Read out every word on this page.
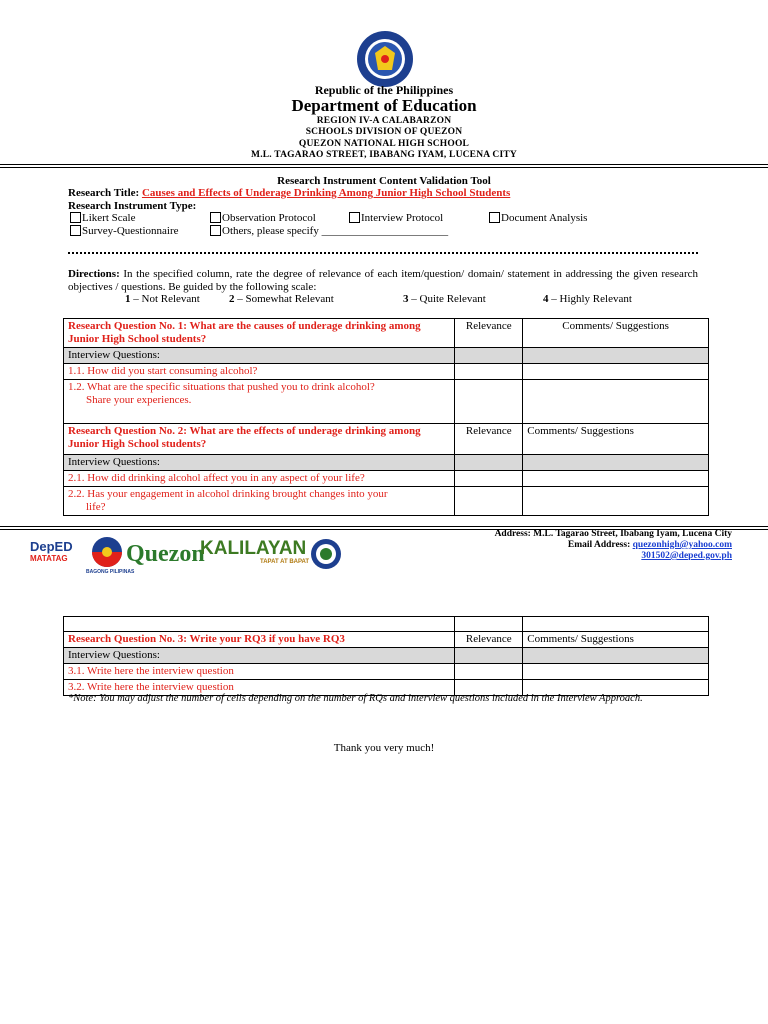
Republic of the Philippines
Department of Education
REGION IV-A CALABARZON
SCHOOLS DIVISION OF QUEZON
QUEZON NATIONAL HIGH SCHOOL
M.L. TAGARAO STREET, IBABANG IYAM, LUCENA CITY
Research Instrument Content Validation Tool
Research Title: Causes and Effects of Underage Drinking Among Junior High School Students
Research Instrument Type:
Likert Scale	Observation Protocol	Interview Protocol	Document Analysis
Survey-Questionnaire	Others, please specify _______________________
Directions: In the specified column, rate the degree of relevance of each item/question/ domain/ statement in addressing the given research objectives / questions. Be guided by the following scale:
1 – Not Relevant	2 – Somewhat Relevant	3 – Quite Relevant	4 – Highly Relevant
Research Question No. 1: What are the causes of underage drinking among Junior High School students?	Relevance	Comments/ Suggestions
Interview Questions:		
1.1. How did you start consuming alcohol?		

1.2. What are the specific situations that pushed you to drink alcohol?
Share your experiences.		

Research Question No. 2: What are the effects of underage drinking among Junior High School students?	Relevance	Comments/ Suggestions
Interview Questions:		
2.1. How did drinking alcohol affect you in any aspect of your life?		

2.2. Has your engagement in alcohol drinking brought changes into your
life?		

DepED
MATATAG
BAGONG PILIPINAS
Quezon
KALILAYAN
TAPAT AT BAPAT
Address: M.L. Tagarao Street, Ibabang Iyam, Lucena City
Email Address: quezonhigh@yahoo.com
301502@deped.gov.ph

Research Question No. 3: Write your RQ3 if you have RQ3	Relevance	Comments/ Suggestions
Interview Questions:		
3.1. Write here the interview question		
3.2. Write here the interview question		
*Note: You may adjust the number of cells depending on the number of RQs and interview questions included in the Interview Approach.
Thank you very much!
